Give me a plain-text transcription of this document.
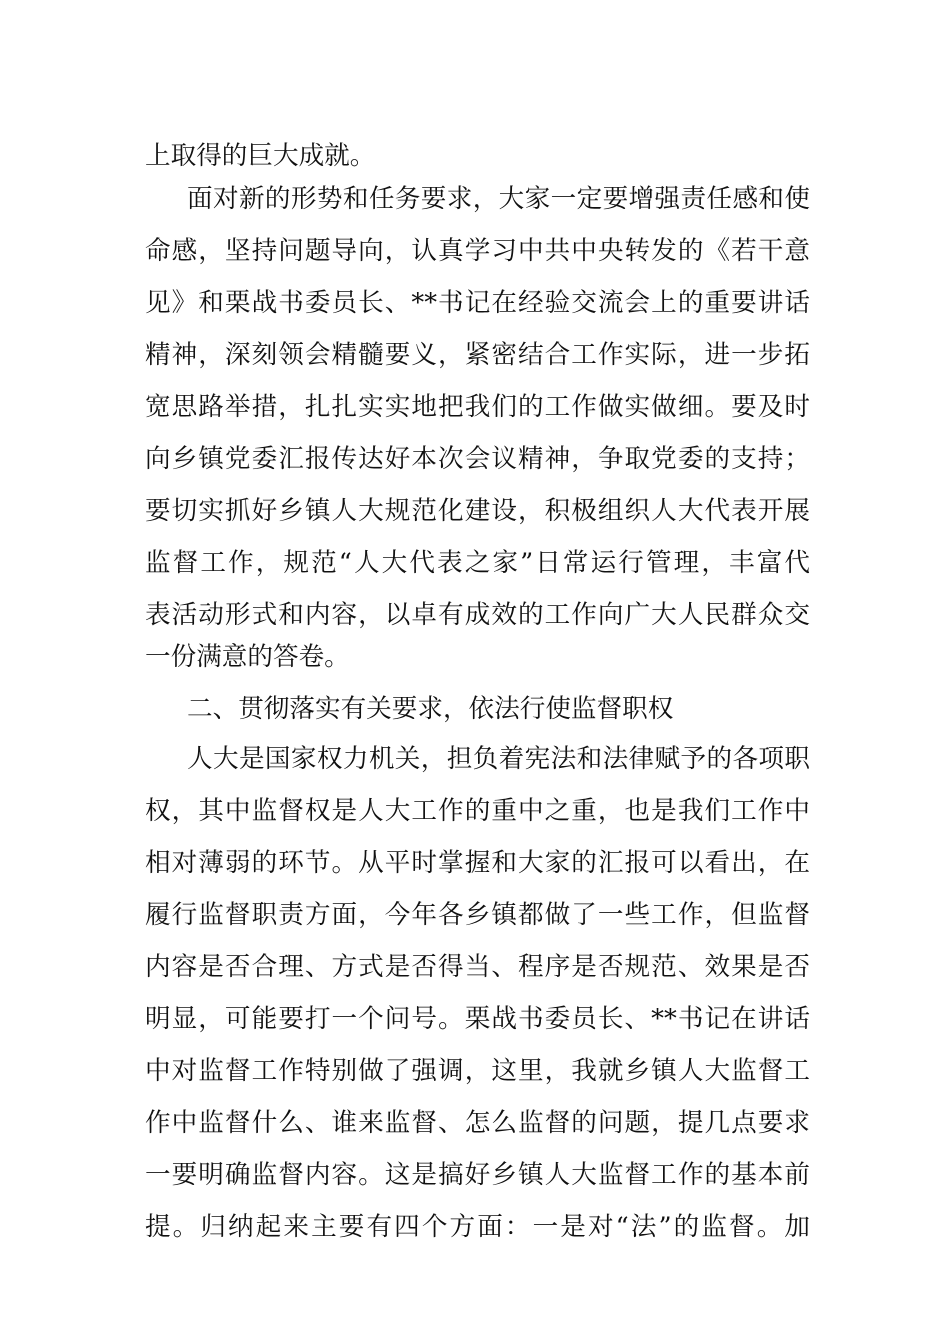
上取得的巨大成就。
面对新的形势和任务要求，大家一定要增强责任感和使
命感，坚持问题导向，认真学习中共中央转发的《若干意
见》和栗战书委员长、**书记在经验交流会上的重要讲话
精神，深刻领会精髓要义，紧密结合工作实际，进一步拓
宽思路举措，扎扎实实地把我们的工作做实做细。要及时
向乡镇党委汇报传达好本次会议精神，争取党委的支持；
要切实抓好乡镇人大规范化建设，积极组织人大代表开展
监督工作，规范“人大代表之家”日常运行管理，丰富代
表活动形式和内容，以卓有成效的工作向广大人民群众交
一份满意的答卷。
二、贯彻落实有关要求，依法行使监督职权
人大是国家权力机关，担负着宪法和法律赋予的各项职
权，其中监督权是人大工作的重中之重，也是我们工作中
相对薄弱的环节。从平时掌握和大家的汇报可以看出，在
履行监督职责方面，今年各乡镇都做了一些工作，但监督
内容是否合理、方式是否得当、程序是否规范、效果是否
明显，可能要打一个问号。栗战书委员长、**书记在讲话
中对监督工作特别做了强调，这里，我就乡镇人大监督工
作中监督什么、谁来监督、怎么监督的问题，提几点要求
一要明确监督内容。这是搞好乡镇人大监督工作的基本前
提。归纳起来主要有四个方面：一是对“法”的监督。加
